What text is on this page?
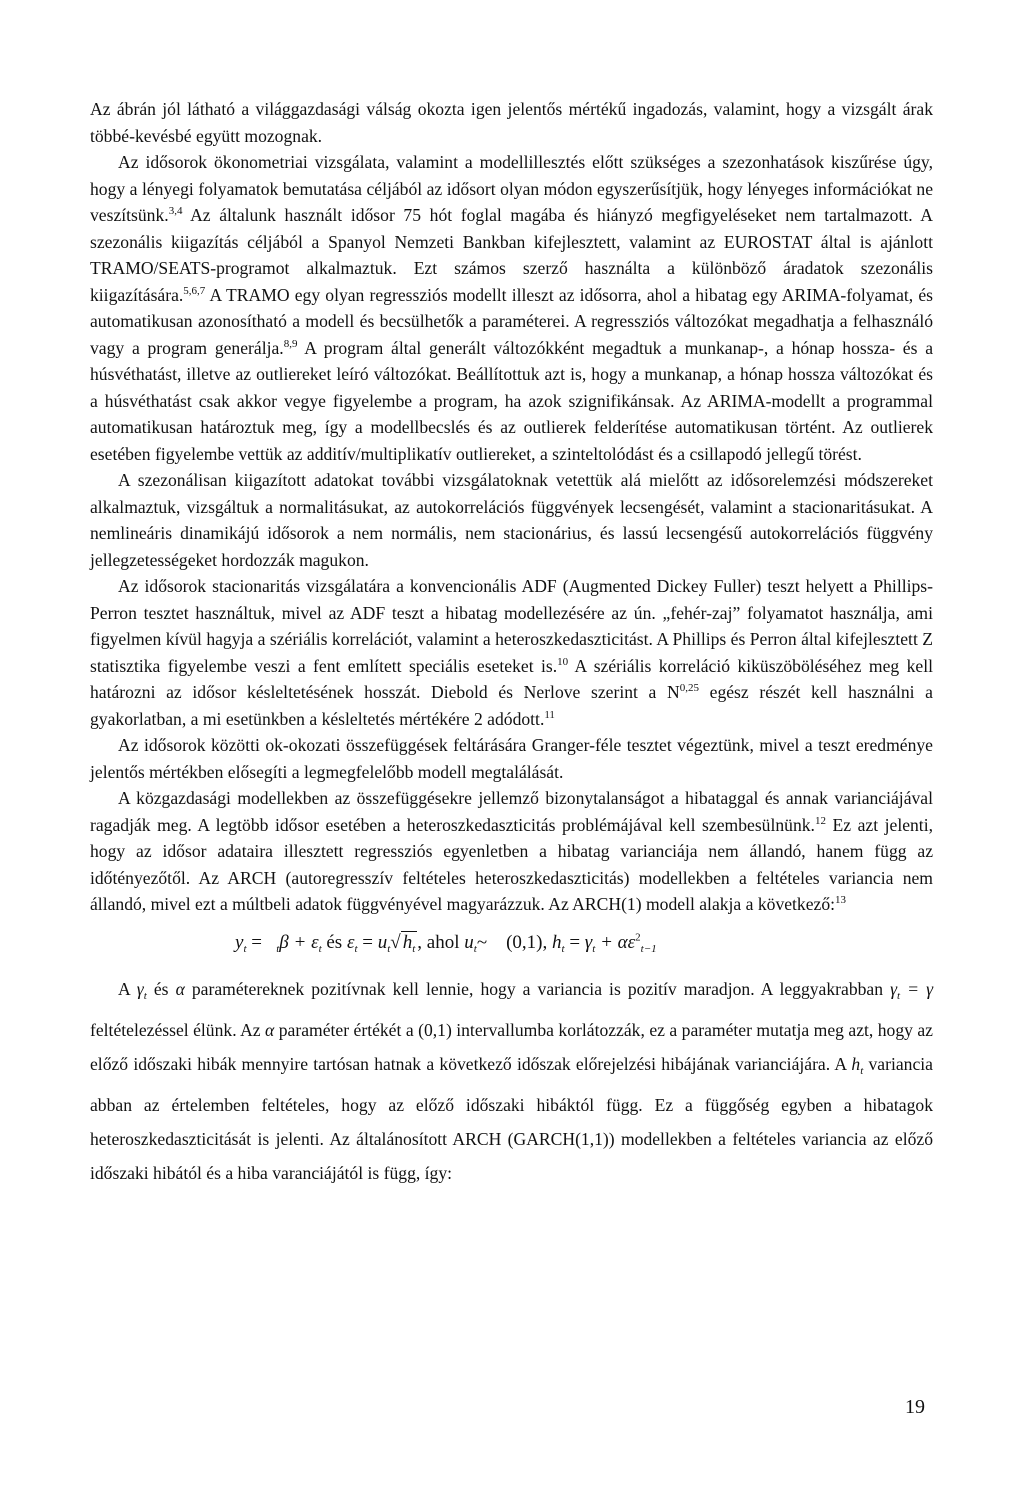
Az ábrán jól látható a világgazdasági válság okozta igen jelentős mértékű ingadozás, valamint, hogy a vizsgált árak többé-kevésbé együtt mozognak.

Az idősorok ökonometriai vizsgálata, valamint a modellillesztés előtt szükséges a szezonhatások kiszűrése úgy, hogy a lényegi folyamatok bemutatása céljából az idősort olyan módon egyszerűsítjük, hogy lényeges információkat ne veszítsünk.$^{3,4}$ Az általunk használt idősor 75 hót foglal magába és hiányzó megfigyeléseket nem tartalmazott. A szezonális kiigazítás céljából a Spanyol Nemzeti Bankban kifejlesztett, valamint az EUROSTAT által is ajánlott TRAMO/SEATS-programot alkalmaztuk. Ezt számos szerző használta a különböző áradatok szezonális kiigazítására.$^{5,6,7}$ A TRAMO egy olyan regressziós modellt illeszt az idősorra, ahol a hibatag egy ARIMA-folyamat, és automatikusan azonosítható a modell és becsülhetők a paraméterei. A regressziós változókat megadhatja a felhasználó vagy a program generálja.$^{8,9}$ A program által generált változókként megadtuk a munkanap-, a hónap hossza- és a húsvéthatást, illetve az outliereket leíró változókat. Beállítottuk azt is, hogy a munkanap, a hónap hossza változókat és a húsvéthatást csak akkor vegye figyelembe a program, ha azok szignifikánsak. Az ARIMA-modellt a programmal automatikusan határoztuk meg, így a modellbecslés és az outlierek felderítése automatikusan történt. Az outlierek esetében figyelembe vettük az additív/multiplikatív outliereket, a szinteltolódást és a csillapodó jellegű törést.

A szezonálisan kiigazított adatokat további vizsgálatoknak vetettük alá mielőtt az idősorelemzési módszereket alkalmaztuk, vizsgáltuk a normalitásukat, az autokorrelációs függvények lecsengését, valamint a stacionaritásukat. A nemlineáris dinamikájú idősorok a nem normális, nem stacionárius, és lassú lecsengésű autokorrelációs függvény jellegzetességeket hordozzák magukon.

Az idősorok stacionaritás vizsgálatára a konvencionális ADF (Augmented Dickey Fuller) teszt helyett a Phillips- Perron tesztet használtuk, mivel az ADF teszt a hibatag modellezésére az ún. „fehér-zaj” folyamatot használja, ami figyelmen kívül hagyja a szériális korrelációt, valamint a heteroszkedaszticitást. A Phillips és Perron által kifejlesztett Z statisztika figyelembe veszi a fent említett speciális eseteket is.$^{10}$ A szériális korreláció kiküszöböléséhez meg kell határozni az idősor késleltetésének hosszát. Diebold és Nerlove szerint a N$^{0,25}$ egész részét kell használni a gyakorlatban, a mi esetünkben a késleltetés mértékére 2 adódott.$^{11}$

Az idősorok közötti ok-okozati összefüggések feltárására Granger-féle tesztet végeztünk, mivel a teszt eredménye jelentős mértékben elősegíti a legmegfelelőbb modell megtalálását.

A közgazdasági modellekben az összefüggésekre jellemző bizonytalanságot a hibataggal és annak varianciájával ragadják meg. A legtöbb idősor esetében a heteroszkedaszticitás problémájával kell szembesülnünk.$^{12}$ Ez azt jelenti, hogy az idősor adataira illesztett regressziós egyenletben a hibatag varianciája nem állandó, hanem függ az időtényezőtől. Az ARCH (autoregresszív feltételes heteroszkedaszticitás) modellekben a feltételes variancia nem állandó, mivel ezt a múltbeli adatok függvényével magyarázzuk. Az ARCH(1) modell alakja a következő:$^{13}$

$y_t = _t\beta + \varepsilon_t$ és $\varepsilon_t = u_t√$ $h_t$ , ahol $u_t\sim$ (0,1), $h_t = \gamma_t + \alpha\varepsilon^2_{t-1}$

A $\gamma_t$ és α paramétereknek pozitívnak kell lennie, hogy a variancia is pozitív maradjon. A leggyakrabban $\gamma_t = \gamma$ feltételezéssel élünk. Az α paraméter értékét a (0,1) intervallumba korlátozzák, ez a paraméter mutatja meg azt, hogy az előző időszaki hibák mennyire tartósan hatnak a következő időszak előrejelzési hibájának varianciájára. A $h_t$ variancia abban az értelemben feltételes, hogy az előző időszaki hibáktól függ. Ez a függőség egyben a hibatagok heteroszkedaszticitását is jelenti. Az általánosított ARCH (GARCH(1,1)) modellekben a feltételes variancia az előző időszaki hibától és a hiba varanciájától is függ, így:

19
